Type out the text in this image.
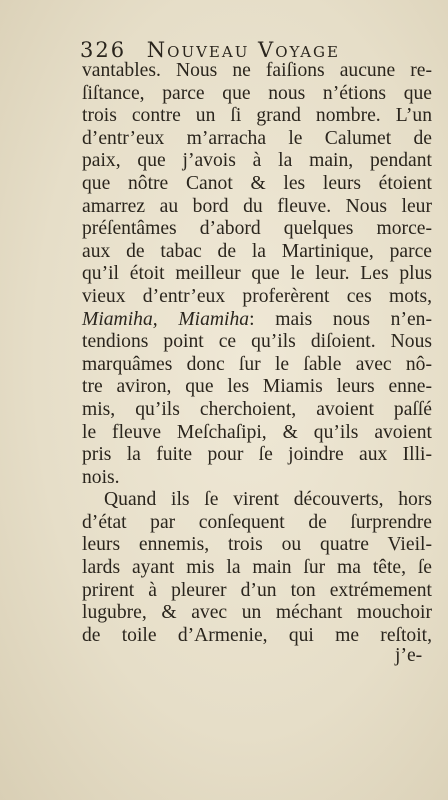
326 Nouveau Voyage
vantables. Nous ne faiſions aucune re-
ſiſtance, parce que nous n’étions que
trois contre un ſi grand nombre. L’un
d’entr’eux m’arracha le Calumet de
paix, que j’avois à la main, pendant
que nôtre Canot & les leurs étoient
amarrez au bord du fleuve. Nous leur
préſentâmes d’abord quelques morce-
aux de tabac de la Martinique, parce
qu’il étoit meilleur que le leur. Les plus
vieux d’entr’eux proferèrent ces mots,
Miamiha, Miamiha: mais nous n’en-
tendions point ce qu’ils diſoient. Nous
marquâmes donc ſur le ſable avec nô-
tre aviron, que les Miamis leurs enne-
mis, qu’ils cherchoient, avoient paſſé
le fleuve Meſchaſipi, & qu’ils avoient
pris la fuite pour ſe joindre aux Illi-
nois.
Quand ils ſe virent découverts, hors
d’état par conſequent de ſurprendre
leurs ennemis, trois ou quatre Vieil-
lards ayant mis la main ſur ma tête, ſe
prirent à pleurer d’un ton extrémement
lugubre, & avec un méchant mouchoir
de toile d’Armenie, qui me reſtoit,
j’e-
